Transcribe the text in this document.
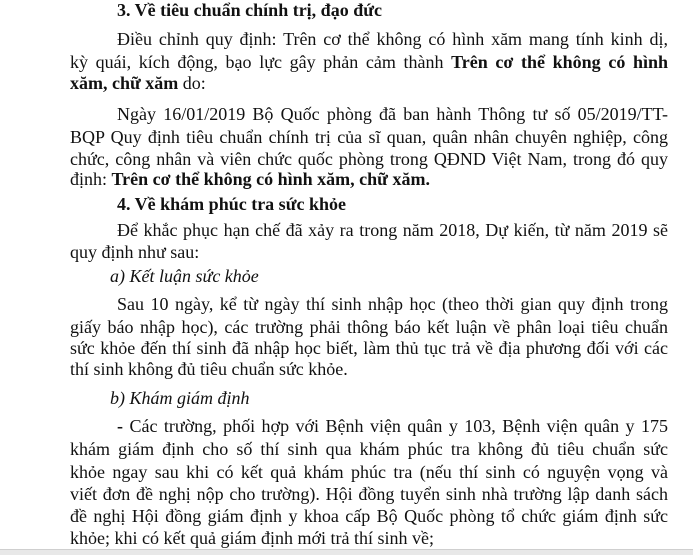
3. Về tiêu chuẩn chính trị, đạo đức
Điều chỉnh quy định: Trên cơ thể không có hình xăm mang tính kinh dị,
kỳ quái, kích động, bạo lực gây phản cảm thành Trên cơ thể không có hình
xăm, chữ xăm do:
Ngày 16/01/2019 Bộ Quốc phòng đã ban hành Thông tư số 05/2019/TT-
BQP Quy định tiêu chuẩn chính trị của sĩ quan, quân nhân chuyên nghiệp, công
chức, công nhân và viên chức quốc phòng trong QĐND Việt Nam, trong đó quy
định: Trên cơ thể không có hình xăm, chữ xăm.
4. Về khám phúc tra sức khỏe
Để khắc phục hạn chế đã xảy ra trong năm 2018, Dự kiến, từ năm 2019 sẽ
quy định như sau:
a) Kết luận sức khỏe
Sau 10 ngày, kể từ ngày thí sinh nhập học (theo thời gian quy định trong
giấy báo nhập học), các trường phải thông báo kết luận về phân loại tiêu chuẩn
sức khỏe đến thí sinh đã nhập học biết, làm thủ tục trả về địa phương đối với các
thí sinh không đủ tiêu chuẩn sức khỏe.
b) Khám giám định
- Các trường, phối hợp với Bệnh viện quân y 103, Bệnh viện quân y 175
khám giám định cho số thí sinh qua khám phúc tra không đủ tiêu chuẩn sức
khỏe ngay sau khi có kết quả khám phúc tra (nếu thí sinh có nguyện vọng và
viết đơn đề nghị nộp cho trường). Hội đồng tuyển sinh nhà trường lập danh sách
đề nghị Hội đồng giám định y khoa cấp Bộ Quốc phòng tổ chức giám định sức
khỏe; khi có kết quả giám định mới trả thí sinh về;
